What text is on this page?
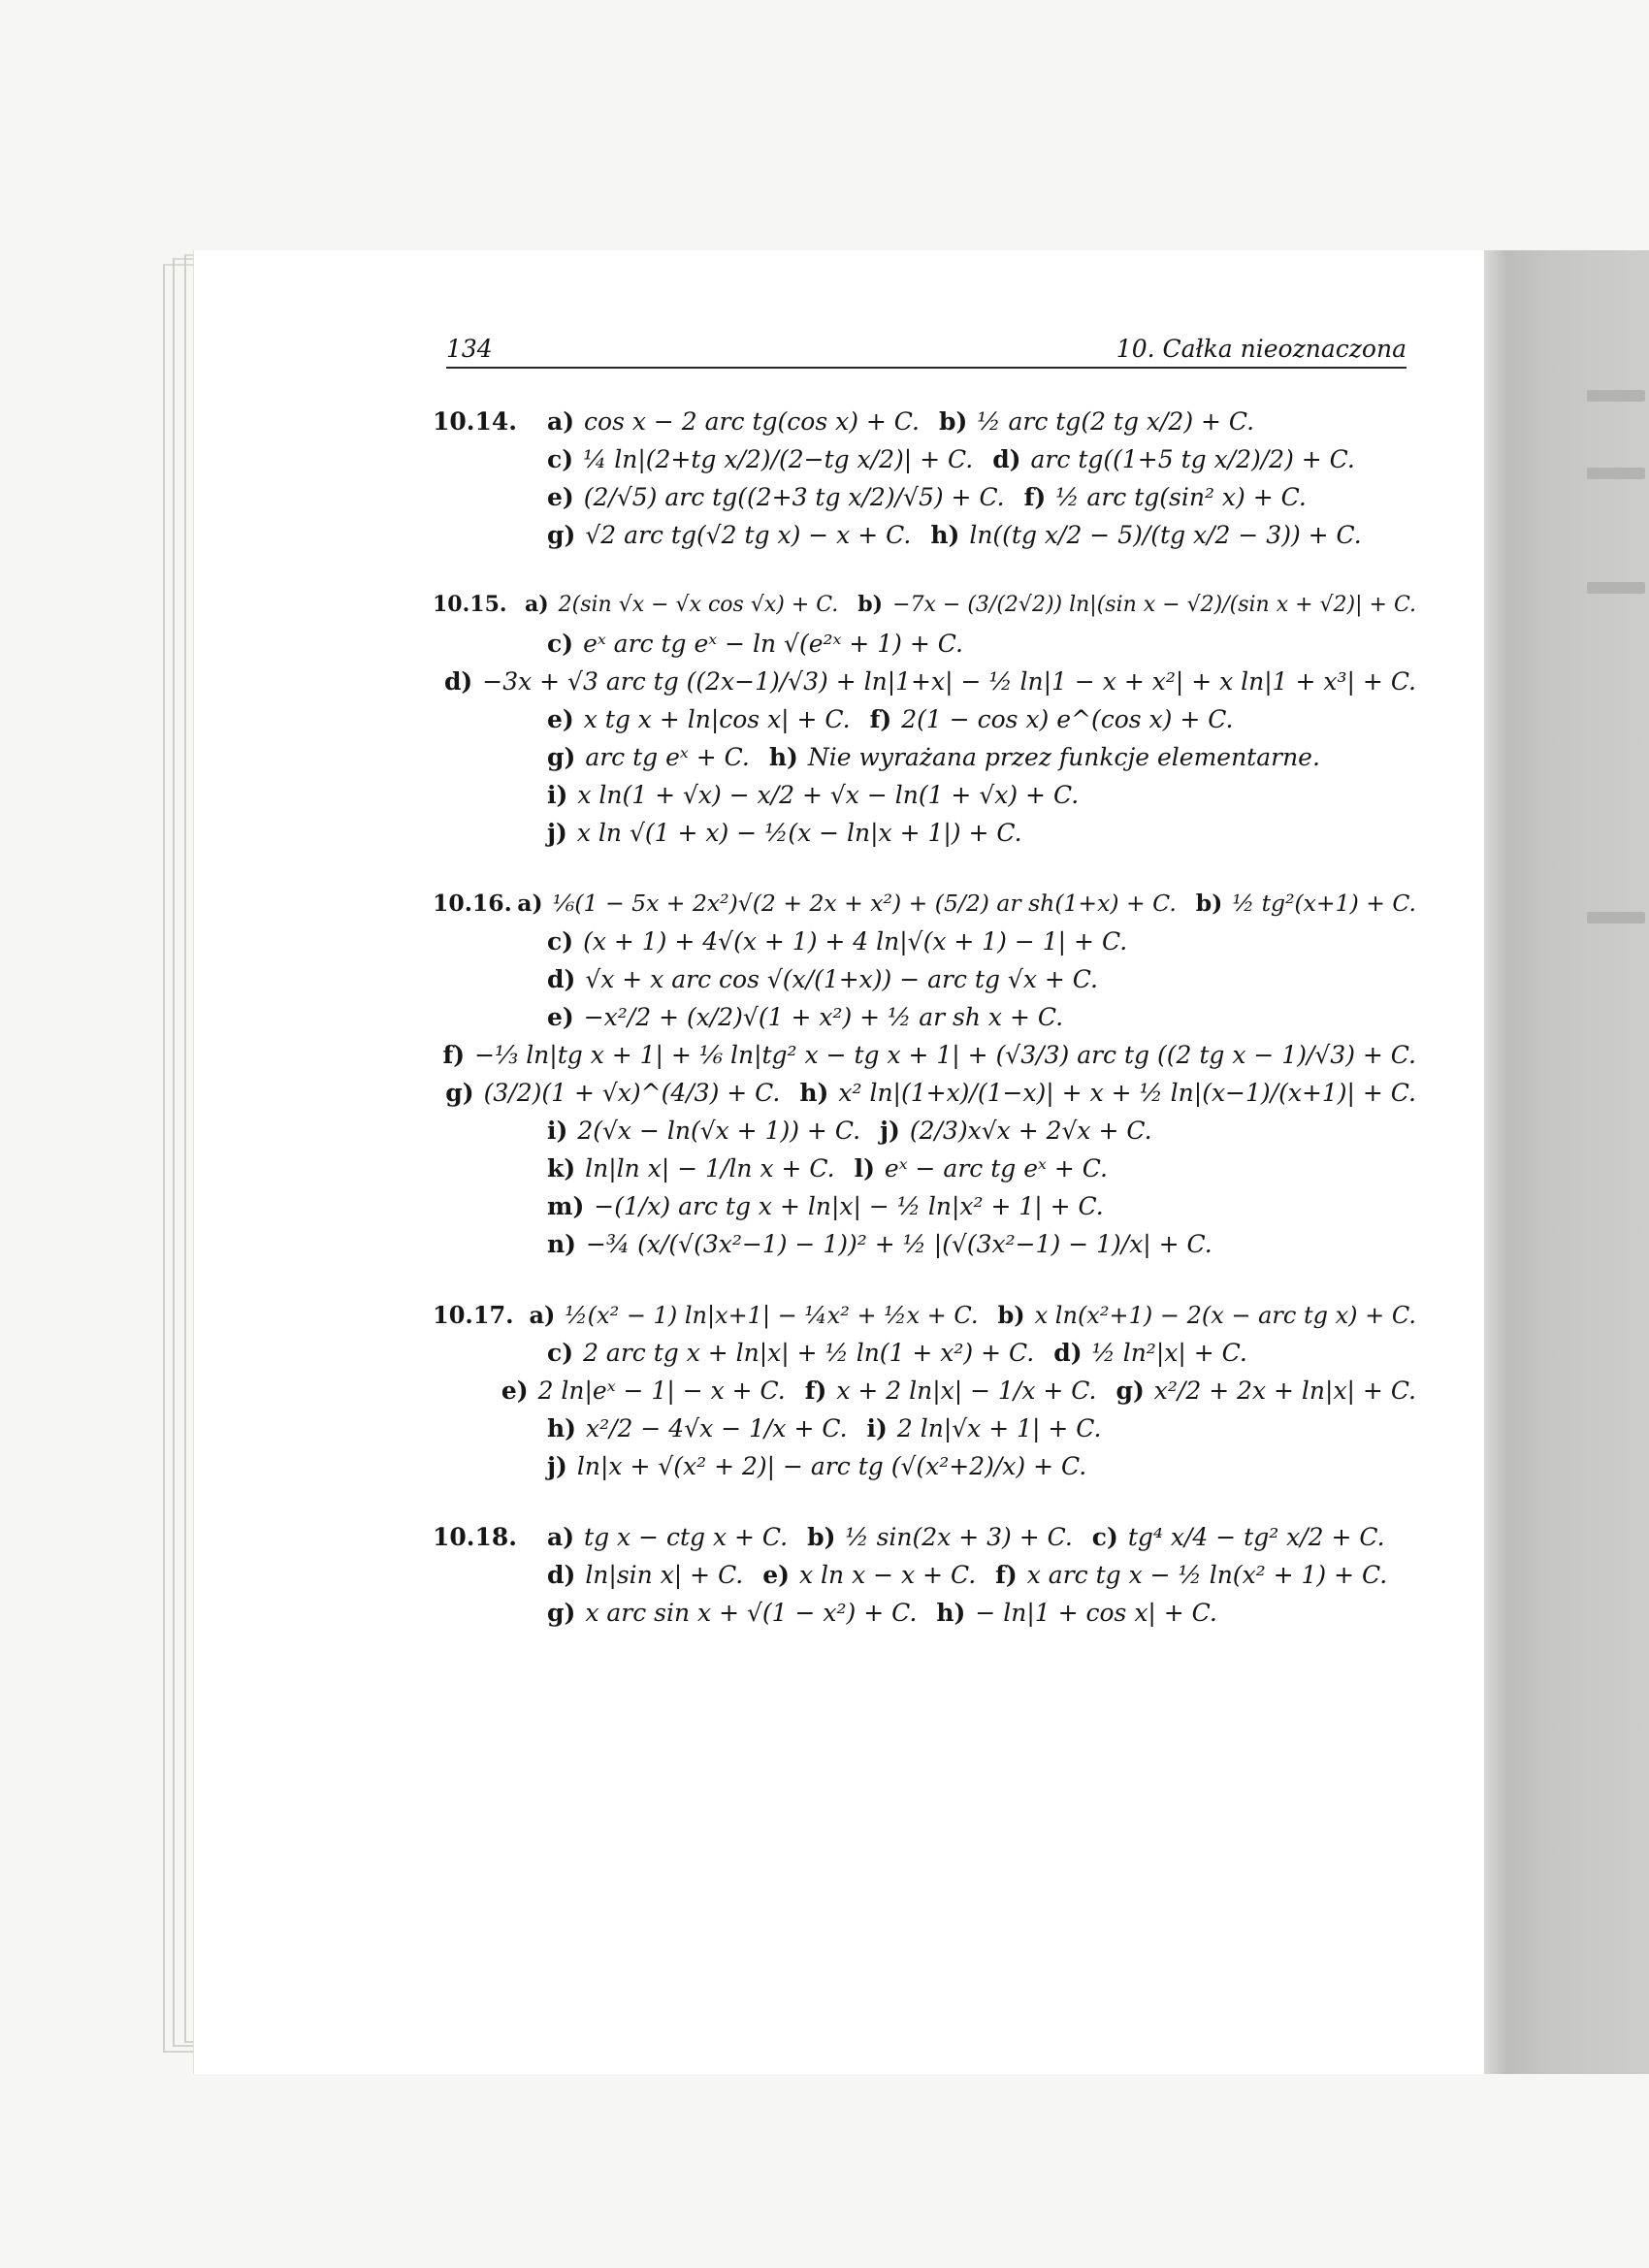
134	10. Całka nieoznaczona
10.14.	a) cos x − 2 arc tg(cos x) + C. b) ½ arc tg(2 tg x/2) + C.
c) ¼ ln|(2+tg x/2)/(2−tg x/2)| + C. d) arc tg((1+5 tg x/2)/2) + C.
e) (2/√5) arc tg((2+3 tg x/2)/√5) + C. f) ½ arc tg(sin² x) + C.
g) √2 arc tg(√2 tg x) − x + C. h) ln((tg x/2 − 5)/(tg x/2 − 3)) + C.
10.15. a) 2(sin √x − √x cos √x) + C. b) −7x − (3/(2√2)) ln|(sin x − √2)/(sin x + √2)| + C.
c) eˣ arc tg eˣ − ln √(e²ˣ + 1) + C.
d) −3x + √3 arc tg ((2x−1)/√3) + ln|1+x| − ½ ln|1 − x + x²| + x ln|1 + x³| + C.
e) x tg x + ln|cos x| + C. f) 2(1 − cos x) e^(cos x) + C.
g) arc tg eˣ + C. h) Nie wyrażana przez funkcje elementarne.
i) x ln(1 + √x) − x/2 + √x − ln(1 + √x) + C.
j) x ln √(1 + x) − ½(x − ln|x + 1|) + C.
10.16. a) ⅙(1 − 5x + 2x²)√(2 + 2x + x²) + (5/2) ar sh(1+x) + C. b) ½ tg²(x+1) + C.
c) (x + 1) + 4√(x + 1) + 4 ln|√(x + 1) − 1| + C.
d) √x + x arc cos √(x/(1+x)) − arc tg √x + C.
e) −x²/2 + (x/2)√(1 + x²) + ½ ar sh x + C.
f) −⅓ ln|tg x + 1| + ⅙ ln|tg² x − tg x + 1| + (√3/3) arc tg ((2 tg x − 1)/√3) + C.
g) (3/2)(1 + √x)^(4/3) + C. h) x² ln|(1+x)/(1−x)| + x + ½ ln|(x−1)/(x+1)| + C.
i) 2(√x − ln(√x + 1)) + C. j) (2/3)x√x + 2√x + C.
k) ln|ln x| − 1/ln x + C. l) eˣ − arc tg eˣ + C.
m) −(1/x) arc tg x + ln|x| − ½ ln|x² + 1| + C.
n) −¾ (x/(√(3x²−1) − 1))² + ½ |(√(3x²−1) − 1)/x| + C.
10.17. a) ½(x² − 1) ln|x+1| − ¼x² + ½x + C. b) x ln(x²+1) − 2(x − arc tg x) + C.
c) 2 arc tg x + ln|x| + ½ ln(1 + x²) + C. d) ½ ln²|x| + C.
e) 2 ln|eˣ − 1| − x + C. f) x + 2 ln|x| − 1/x + C. g) x²/2 + 2x + ln|x| + C.
h) x²/2 − 4√x − 1/x + C. i) 2 ln|√x + 1| + C.
j) ln|x + √(x² + 2)| − arc tg (√(x²+2)/x) + C.
10.18.	a) tg x − ctg x + C. b) ½ sin(2x + 3) + C. c) tg⁴ x/4 − tg² x/2 + C.
d) ln|sin x| + C. e) x ln x − x + C. f) x arc tg x − ½ ln(x² + 1) + C.
g) x arc sin x + √(1 − x²) + C. h) − ln|1 + cos x| + C.
